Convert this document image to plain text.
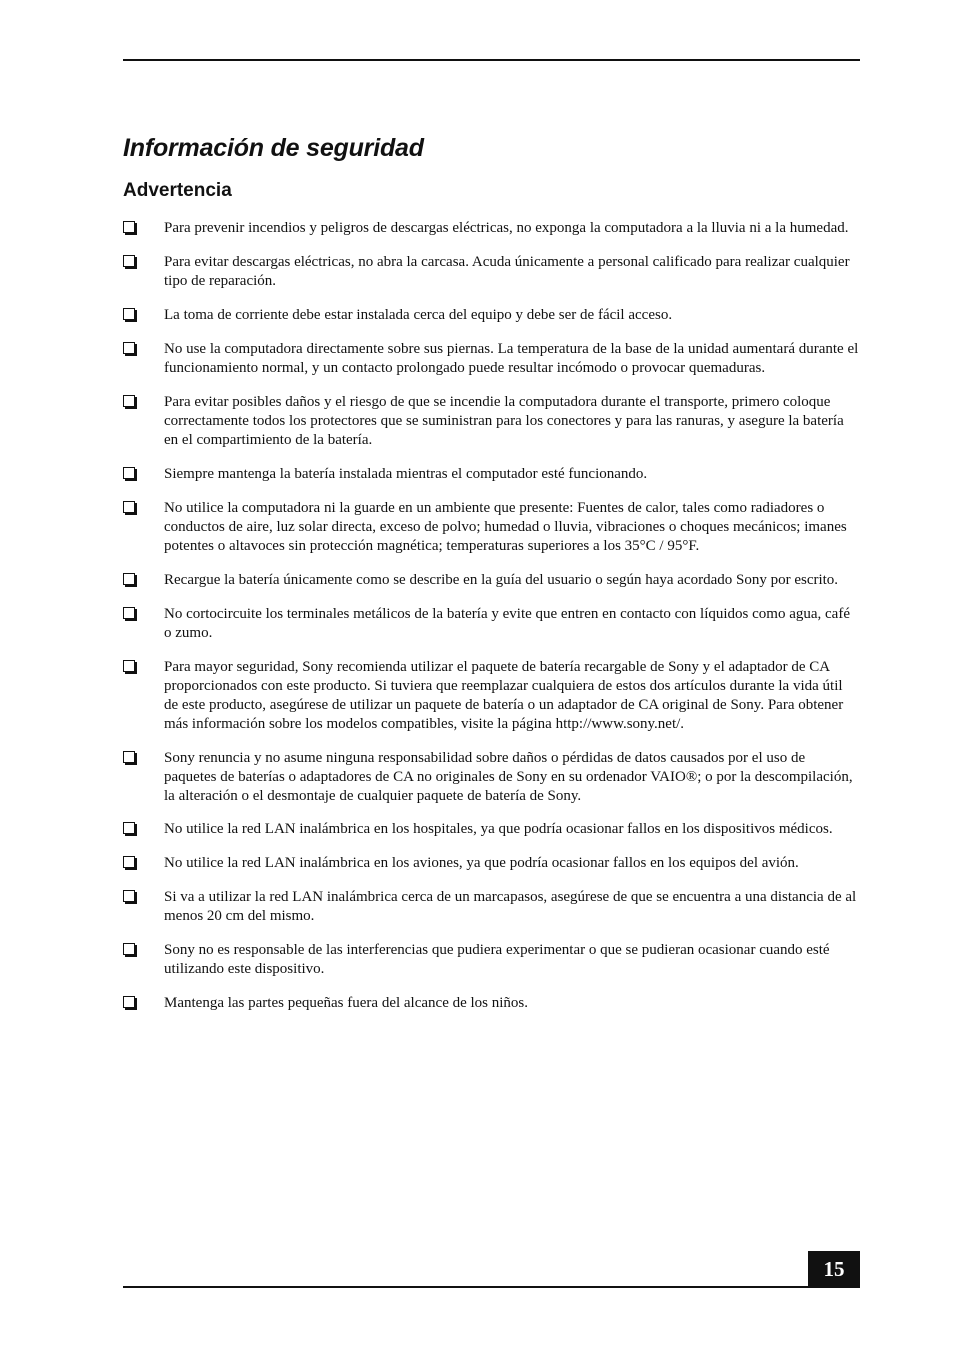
Información de seguridad
Advertencia

Para prevenir incendios y peligros de descargas eléctricas, no exponga la computadora a la lluvia ni a la humedad.

Para evitar descargas eléctricas, no abra la carcasa. Acuda únicamente a personal calificado para realizar cualquier tipo de reparación.

La toma de corriente debe estar instalada cerca del equipo y debe ser de fácil acceso.

No use la computadora directamente sobre sus piernas. La temperatura de la base de la unidad aumentará durante el funcionamiento normal, y un contacto prolongado puede resultar incómodo o provocar quemaduras.

Para evitar posibles daños y el riesgo de que se incendie la computadora durante el transporte, primero coloque correctamente todos los protectores que se suministran para los conectores y para las ranuras, y asegure la batería en el compartimiento de la batería.

Siempre mantenga la batería instalada mientras el computador esté funcionando.

No utilice la computadora ni la guarde en un ambiente que presente: Fuentes de calor, tales como radiadores o conductos de aire, luz solar directa, exceso de polvo; humedad o lluvia, vibraciones o choques mecánicos; imanes potentes o altavoces sin protección magnética; temperaturas superiores a los 35°C / 95°F.

Recargue la batería únicamente como se describe en la guía del usuario o según haya acordado Sony por escrito.

No cortocircuite los terminales metálicos de la batería y evite que entren en contacto con líquidos como agua, café o zumo.

Para mayor seguridad, Sony recomienda utilizar el paquete de batería recargable de Sony y el adaptador de CA proporcionados con este producto. Si tuviera que reemplazar cualquiera de estos dos artículos durante la vida útil de este producto, asegúrese de utilizar un paquete de batería o un adaptador de CA original de Sony. Para obtener más información sobre los modelos compatibles, visite la página http://www.sony.net/.

Sony renuncia y no asume ninguna responsabilidad sobre daños o pérdidas de datos causados por el uso de paquetes de baterías o adaptadores de CA no originales de Sony en su ordenador VAIO®; o por la descompilación, la alteración o el desmontaje de cualquier paquete de batería de Sony.

No utilice la red LAN inalámbrica en los hospitales, ya que podría ocasionar fallos en los dispositivos médicos.

No utilice la red LAN inalámbrica en los aviones, ya que podría ocasionar fallos en los equipos del avión.

Si va a utilizar la red LAN inalámbrica cerca de un marcapasos, asegúrese de que se encuentra a una distancia de al menos 20 cm del mismo.

Sony no es responsable de las interferencias que pudiera experimentar o que se pudieran ocasionar cuando esté utilizando este dispositivo.

Mantenga las partes pequeñas fuera del alcance de los niños.

15
